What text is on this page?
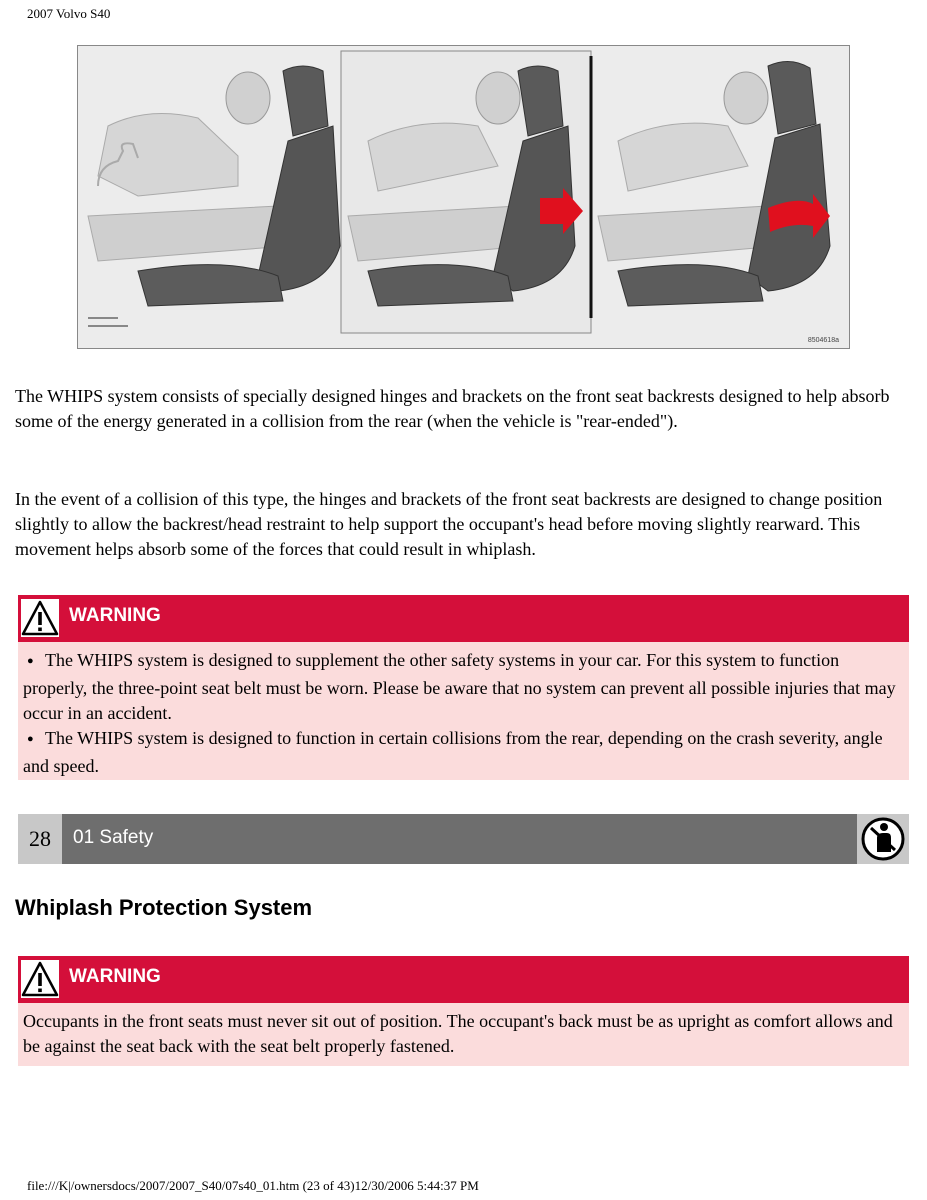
2007 Volvo S40
8504618a
The WHIPS system consists of specially designed hinges and brackets on the front seat backrests designed to help absorb some of the energy generated in a collision from the rear (when the vehicle is "rear-ended").
In the event of a collision of this type, the hinges and brackets of the front seat backrests are designed to change position slightly to allow the backrest/head restraint to help support the occupant's head before moving slightly rearward. This movement helps absorb some of the forces that could result in whiplash.
WARNING
●The WHIPS system is designed to supplement the other safety systems in your car. For this system to function properly, the three-point seat belt must be worn. Please be aware that no system can prevent all possible injuries that may occur in an accident.
●The WHIPS system is designed to function in certain collisions from the rear, depending on the crash severity, angle and speed.
28	01 Safety
Whiplash Protection System
WARNING
Occupants in the front seats must never sit out of position. The occupant's back must be as upright as comfort allows and be against the seat back with the seat belt properly fastened.
file:///K|/ownersdocs/2007/2007_S40/07s40_01.htm (23 of 43)12/30/2006 5:44:37 PM
